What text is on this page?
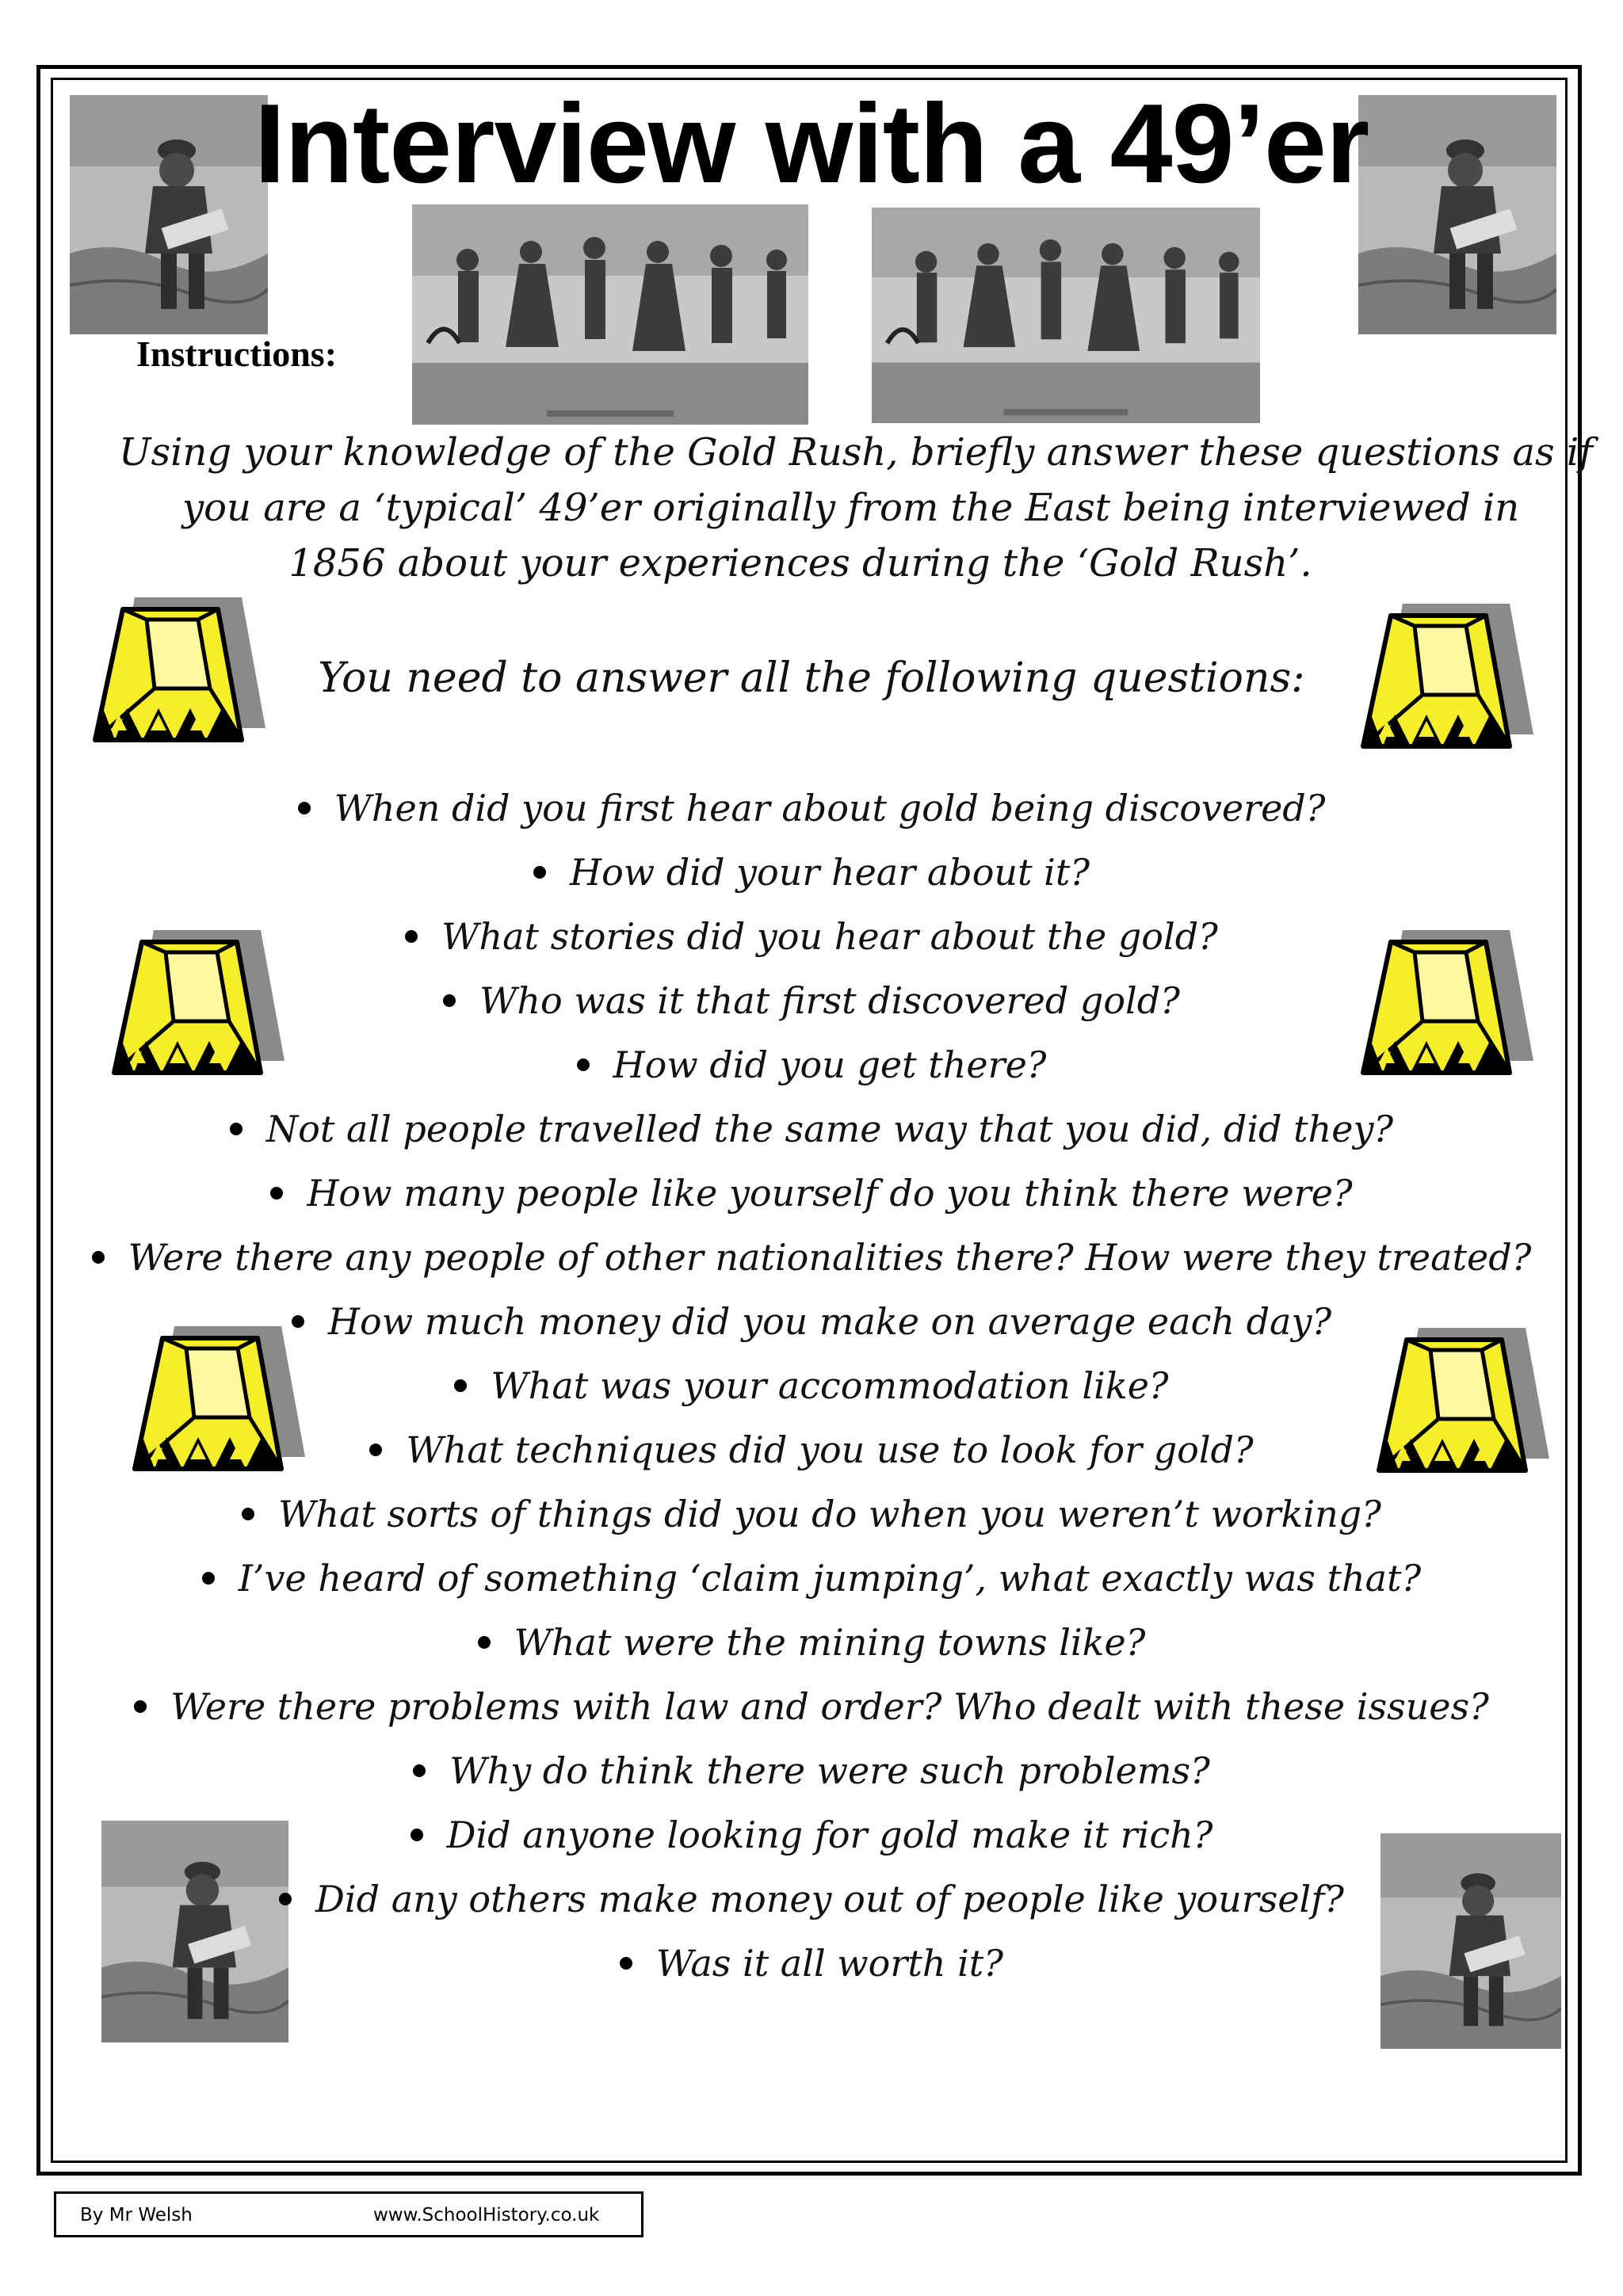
Interview with a 49’er
Instructions:
Using your knowledge of the Gold Rush, briefly answer these questions as if
you are a ‘typical’ 49’er originally from the East being interviewed in
1856 about your experiences during the ‘Gold Rush’.
You need to answer all the following questions:
When did you first hear about gold being discovered?
How did your hear about it?
What stories did you hear about the gold?
Who was it that first discovered gold?
How did you get there?
Not all people travelled the same way that you did, did they?
How many people like yourself do you think there were?
Were there any people of other nationalities there? How were they treated?
How much money did you make on average each day?
What was your accommodation like?
What techniques did you use to look for gold?
What sorts of things did you do when you weren’t working?
I’ve heard of something ‘claim jumping’, what exactly was that?
What were the mining towns like?
Were there problems with law and order? Who dealt with these issues?
Why do think there were such problems?
Did anyone looking for gold make it rich?
Did any others make money out of people like yourself?
Was it all worth it?
By Mr Welsh	www.SchoolHistory.co.uk
